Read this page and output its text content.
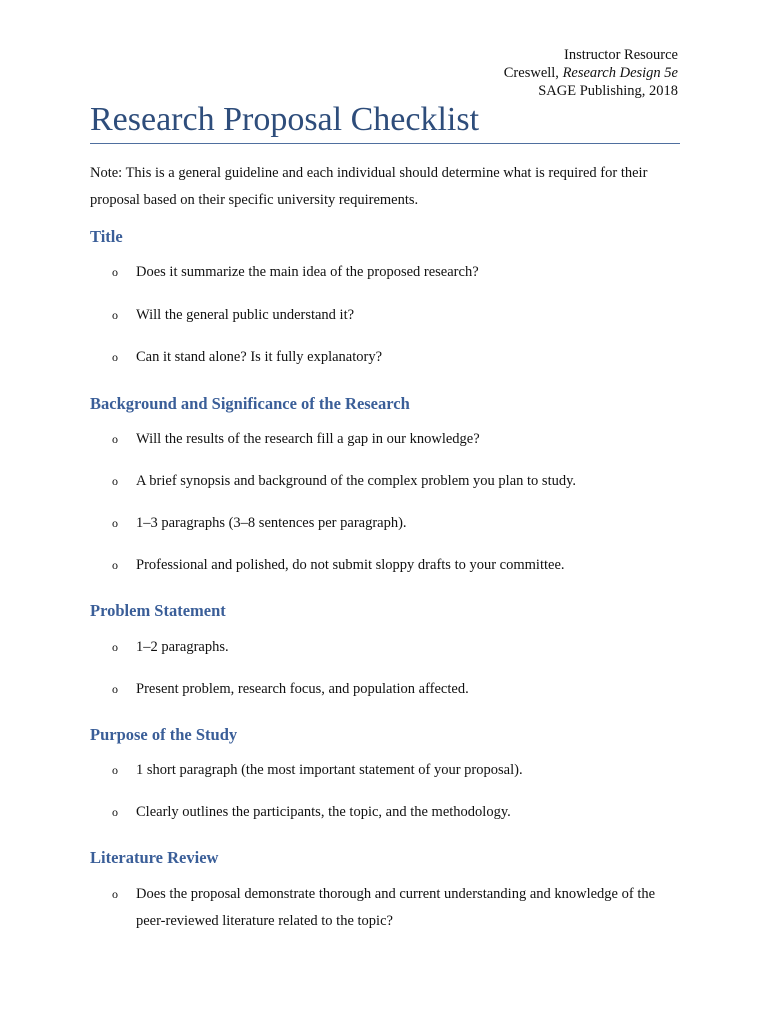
Instructor Resource
Creswell, Research Design 5e
SAGE Publishing, 2018
Research Proposal Checklist

Note: This is a general guideline and each individual should determine what is required for their proposal based on their specific university requirements.

Title
o	Does it summarize the main idea of the proposed research?
o	Will the general public understand it?
o	Can it stand alone? Is it fully explanatory?
Background and Significance of the Research
o	Will the results of the research fill a gap in our knowledge?
o	A brief synopsis and background of the complex problem you plan to study.
o	1–3 paragraphs (3–8 sentences per paragraph).
o	Professional and polished, do not submit sloppy drafts to your committee.
Problem Statement
o	1–2 paragraphs.
o	Present problem, research focus, and population affected.
Purpose of the Study
o	1 short paragraph (the most important statement of your proposal).
o	Clearly outlines the participants, the topic, and the methodology.
Literature Review
o	Does the proposal demonstrate thorough and current understanding and knowledge of the peer-reviewed literature related to the topic?
